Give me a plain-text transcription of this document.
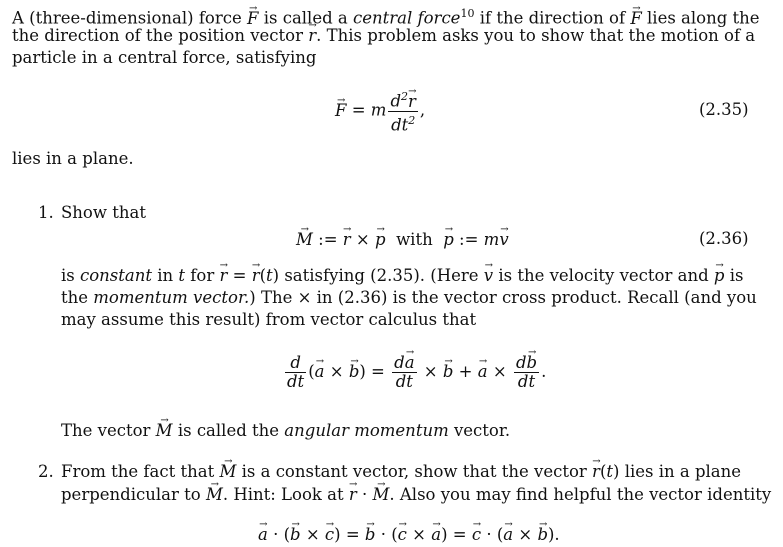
A (three-dimensional) force F → is called a central force$^{10}$ if the direction of F → lies along the
the direction of the position vector r →. This problem asks you to show that the motion of a
particle in a central force, satisfying
F → = m $\frac{d^2r \to}{dt^2}$ ,	(2.35)
lies in a plane.
1. Show that
M → := r → × p → with p → := mv →	(2.36)
is constant in t for r → = r →(t) satisfying (2.35). (Here v → is the velocity vector and p → is
the momentum vector.) The × in (2.36) is the vector cross product. Recall (and you
may assume this result) from vector calculus that
$\frac{d}{dt} (a$ → × b →) = $\frac{da \to}{dt} \times b$ → + a → × $\frac{db \to}{dt}$ .
The vector M → is called the angular momentum vector.
2. From the fact that M → is a constant vector, show that the vector r →(t) lies in a plane
perpendicular to M →. Hint: Look at r → · M →. Also you may find helpful the vector identity
a → · (b → × c →) = b → · (c → × a →) = c → · (a → × b →).
